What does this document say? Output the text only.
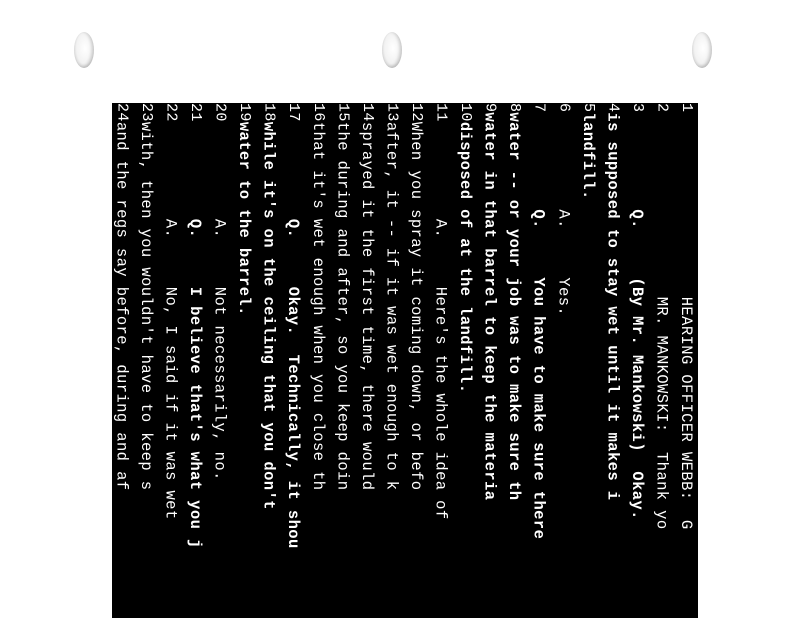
1                   HEARING OFFICER WEBB:  G
2                   MR. MANKOWSKI:  Thank yo
3          Q.     (By Mr. Mankowski)  Okay.
4is supposed to stay wet until it makes i
5landfill.
6          A.     Yes.
7          Q.     You have to make sure there
8water -- or your job was to make sure th
9water in that barrel to keep the materia
10disposed of at the landfill.
11          A.     Here's the whole idea of
12When you spray it coming down, or befo
13after, it -- if it was wet enough to k
14sprayed it the first time, there would
15the during and after, so you keep doin
16that it's wet enough when you close th
17          Q.     Okay.  Technically, it shou
18while it's on the ceiling that you don't
19water to the barrel.
20          A.     Not necessarily, no.
21          Q.     I believe that's what you j
22          A.     No, I said if it was wet
23with, then you wouldn't have to keep s
24and the regs say before, during and af
